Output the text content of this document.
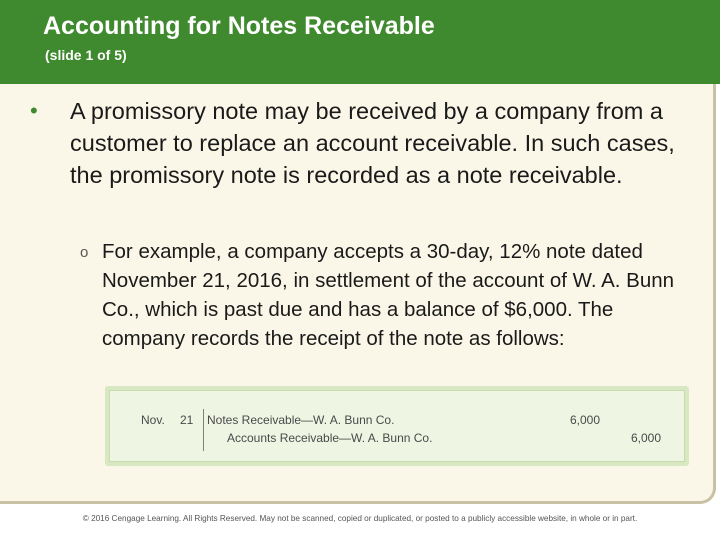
Accounting for Notes Receivable
(slide 1 of 5)
• A promissory note may be received by a company from a customer to replace an account receivable. In such cases, the promissory note is recorded as a note receivable.
o For example, a company accepts a 30-day, 12% note dated November 21, 2016, in settlement of the account of W. A. Bunn Co., which is past due and has a balance of $6,000. The company records the receipt of the note as follows:
Nov. 21 Notes Receivable—W. A. Bunn Co.
Accounts Receivable—W. A. Bunn Co.
6,000
6,000
© 2016 Cengage Learning. All Rights Reserved. May not be scanned, copied or duplicated, or posted to a publicly accessible website, in whole or in part.
